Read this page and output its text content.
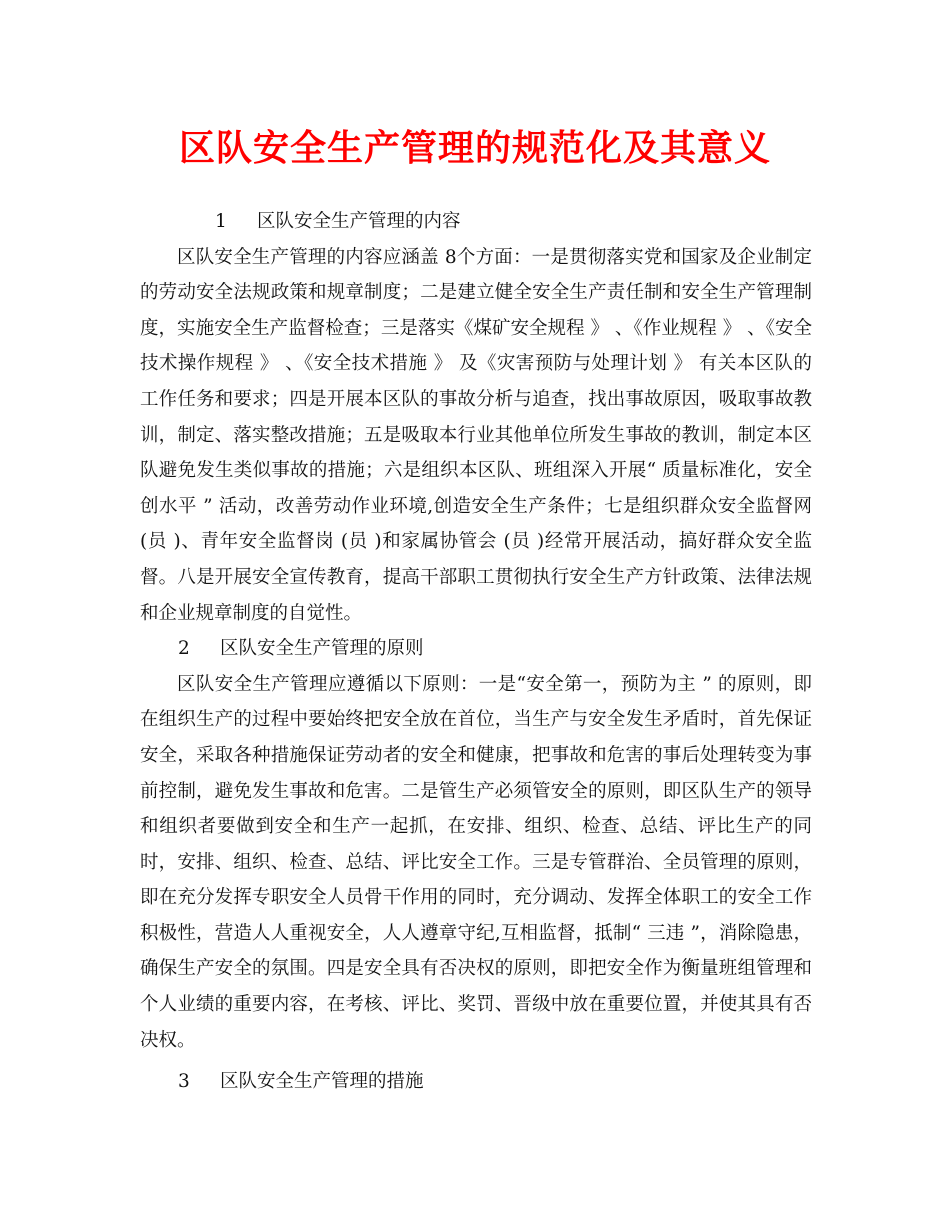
区队安全生产管理的规范化及其意义

1 区队安全生产管理的内容

区队安全生产管理的内容应涵盖 8个方面：一是贯彻落实党和国家及企业制定的劳动安全法规政策和规章制度；二是建立健全安全生产责任制和安全生产管理制度，实施安全生产监督检查；三是落实《煤矿安全规程 》 、《作业规程 》 、《安全技术操作规程 》 、《安全技术措施 》 及《灾害预防与处理计划 》 有关本区队的工作任务和要求；四是开展本区队的事故分析与追查，找出事故原因，吸取事故教训，制定、落实整改措施；五是吸取本行业其他单位所发生事故的教训，制定本区队避免发生类似事故的措施；六是组织本区队、班组深入开展“ 质量标准化，安全创水平 ” 活动，改善劳动作业环境,创造安全生产条件；七是组织群众安全监督网 (员 )、青年安全监督岗 (员 )和家属协管会 (员 )经常开展活动，搞好群众安全监督。八是开展安全宣传教育，提高干部职工贯彻执行安全生产方针政策、法律法规和企业规章制度的自觉性。

2 区队安全生产管理的原则

区队安全生产管理应遵循以下原则：一是“安全第一，预防为主 ” 的原则，即在组织生产的过程中要始终把安全放在首位，当生产与安全发生矛盾时，首先保证安全，采取各种措施保证劳动者的安全和健康，把事故和危害的事后处理转变为事前控制，避免发生事故和危害。二是管生产必须管安全的原则，即区队生产的领导和组织者要做到安全和生产一起抓，在安排、组织、检查、总结、评比生产的同时，安排、组织、检查、总结、评比安全工作。三是专管群治、全员管理的原则，即在充分发挥专职安全人员骨干作用的同时，充分调动、发挥全体职工的安全工作积极性，营造人人重视安全，人人遵章守纪,互相监督，抵制“ 三违 ”，消除隐患，确保生产安全的氛围。四是安全具有否决权的原则，即把安全作为衡量班组管理和个人业绩的重要内容，在考核、评比、奖罚、晋级中放在重要位置，并使其具有否决权。

3 区队安全生产管理的措施
